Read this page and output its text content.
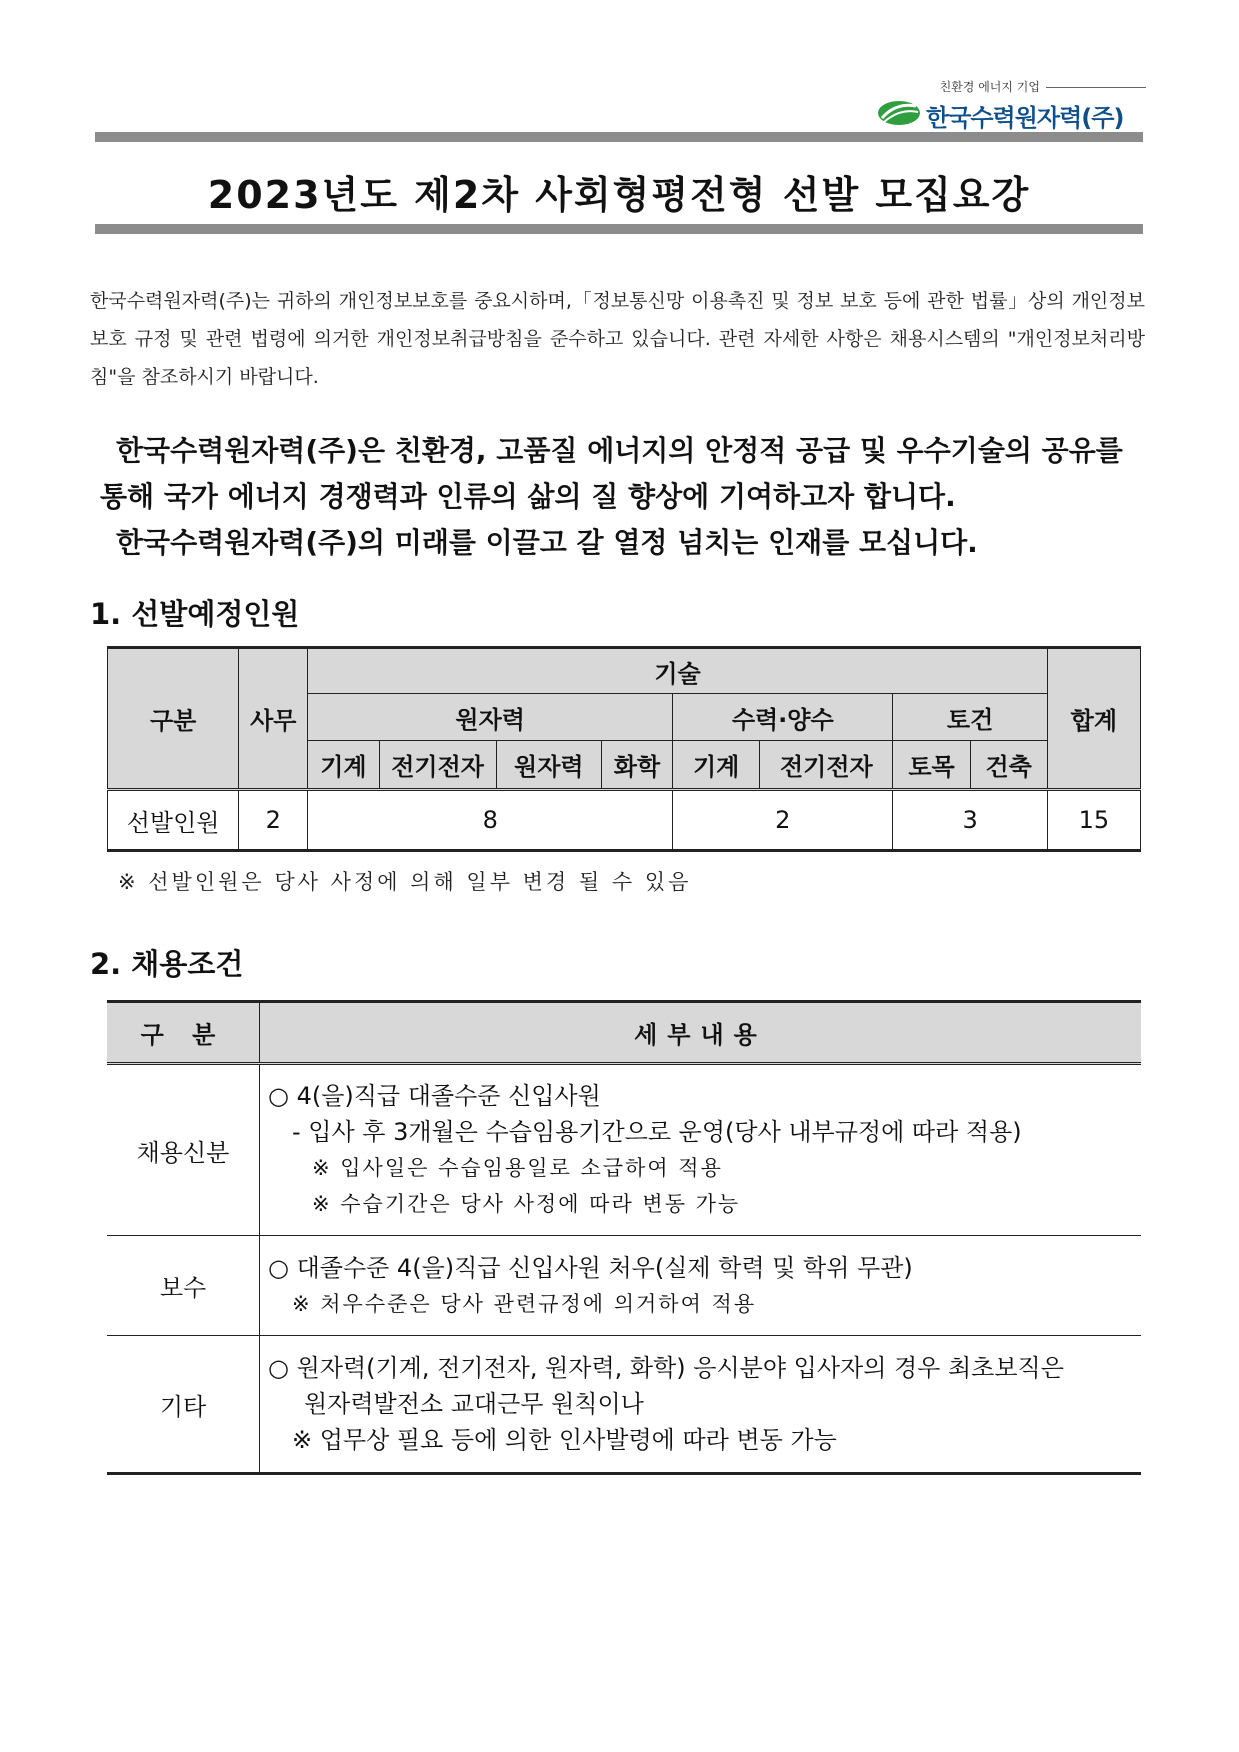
친환경 에너지 기업
한국수력원자력(주)
2023년도 제2차 사회형평전형 선발 모집요강
한국수력원자력(주)는 귀하의 개인정보보호를 중요시하며,「정보통신망 이용촉진 및 정보 보호 등에 관한 법률」상의 개인정보보호 규정 및 관련 법령에 의거한 개인정보취급방침을 준수하고 있습니다. 관련 자세한 사항은 채용시스템의 "개인정보처리방침"을 참조하시기 바랍니다.

한국수력원자력(주)은 친환경, 고품질 에너지의 안정적 공급 및 우수기술의 공유를

통해 국가 에너지 경쟁력과 인류의 삶의 질 향상에 기여하고자 합니다.

한국수력원자력(주)의 미래를 이끌고 갈 열정 넘치는 인재를 모십니다.

1. 선발예정인원
구분	사무	기술								합계
		원자력				수력·양수		토건		
		기계	전기전자	원자력	화학	기계	전기전자	토목	건축	
선발인원	2	8				2		3		15
※ 선발인원은 당사 사정에 의해 일부 변경 될 수 있음
2. 채용조건
구 분	세부내용
채용신분	○ 4(을)직급 대졸수준 신입사원
- 입사 후 3개월은 수습임용기간으로 운영(당사 내부규정에 따라 적용)
※ 입사일은 수습임용일로 소급하여 적용
※ 수습기간은 당사 사정에 따라 변동 가능

보수	○ 대졸수준 4(을)직급 신입사원 처우(실제 학력 및 학위 무관)
※ 처우수준은 당사 관련규정에 의거하여 적용

기타	○ 원자력(기계, 전기전자, 원자력, 화학) 응시분야 입사자의 경우 최초보직은
원자력발전소 교대근무 원칙이나
※ 업무상 필요 등에 의한 인사발령에 따라 변동 가능
